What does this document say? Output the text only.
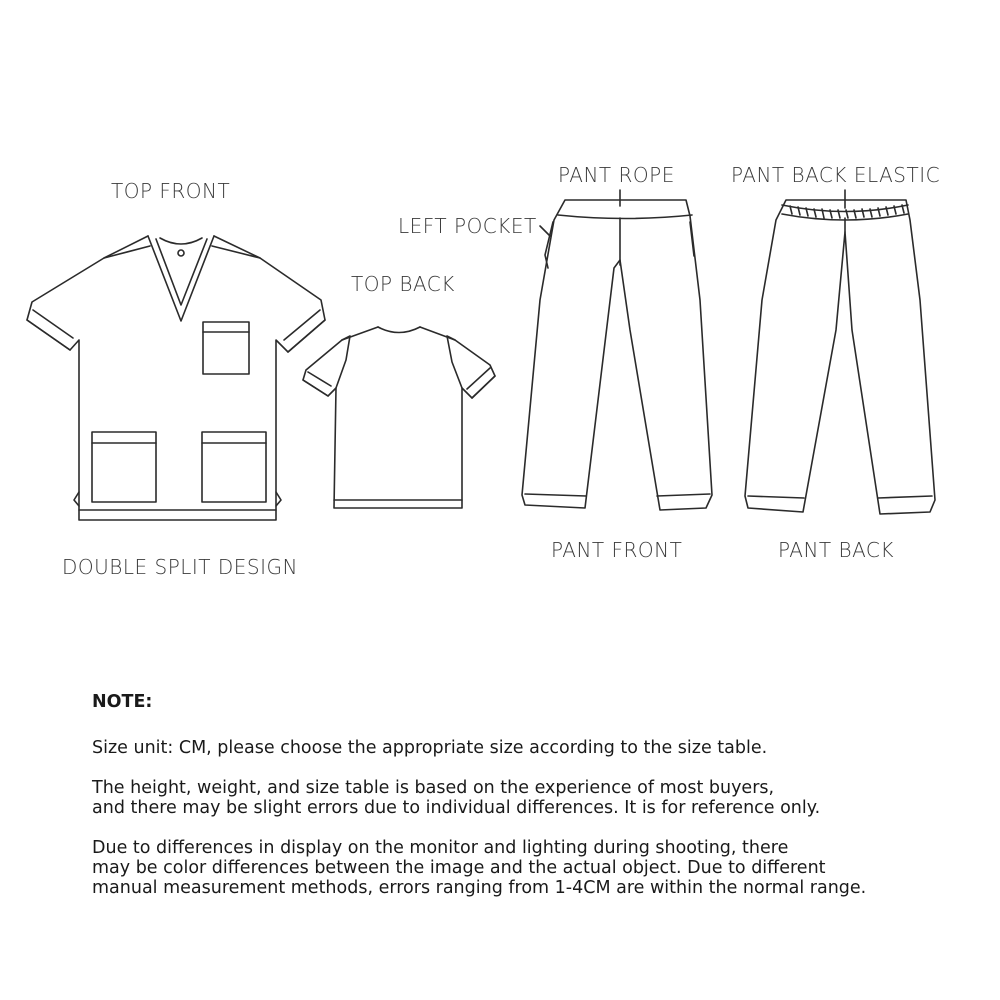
TOP FRONT
TOP BACK
LEFT POCKET
PANT ROPE	PANT BACK ELASTIC
DOUBLE SPLIT DESIGN
PANT FRONT	PANT BACK
NOTE:
Size unit: CM, please choose the appropriate size according to the size table.
The height, weight, and size table is based on the experience of most buyers,
and there may be slight errors due to individual differences. It is for reference only.
Due to differences in display on the monitor and lighting during shooting, there
may be color differences between the image and the actual object. Due to different
manual measurement methods, errors ranging from 1-4CM are within the normal range.
